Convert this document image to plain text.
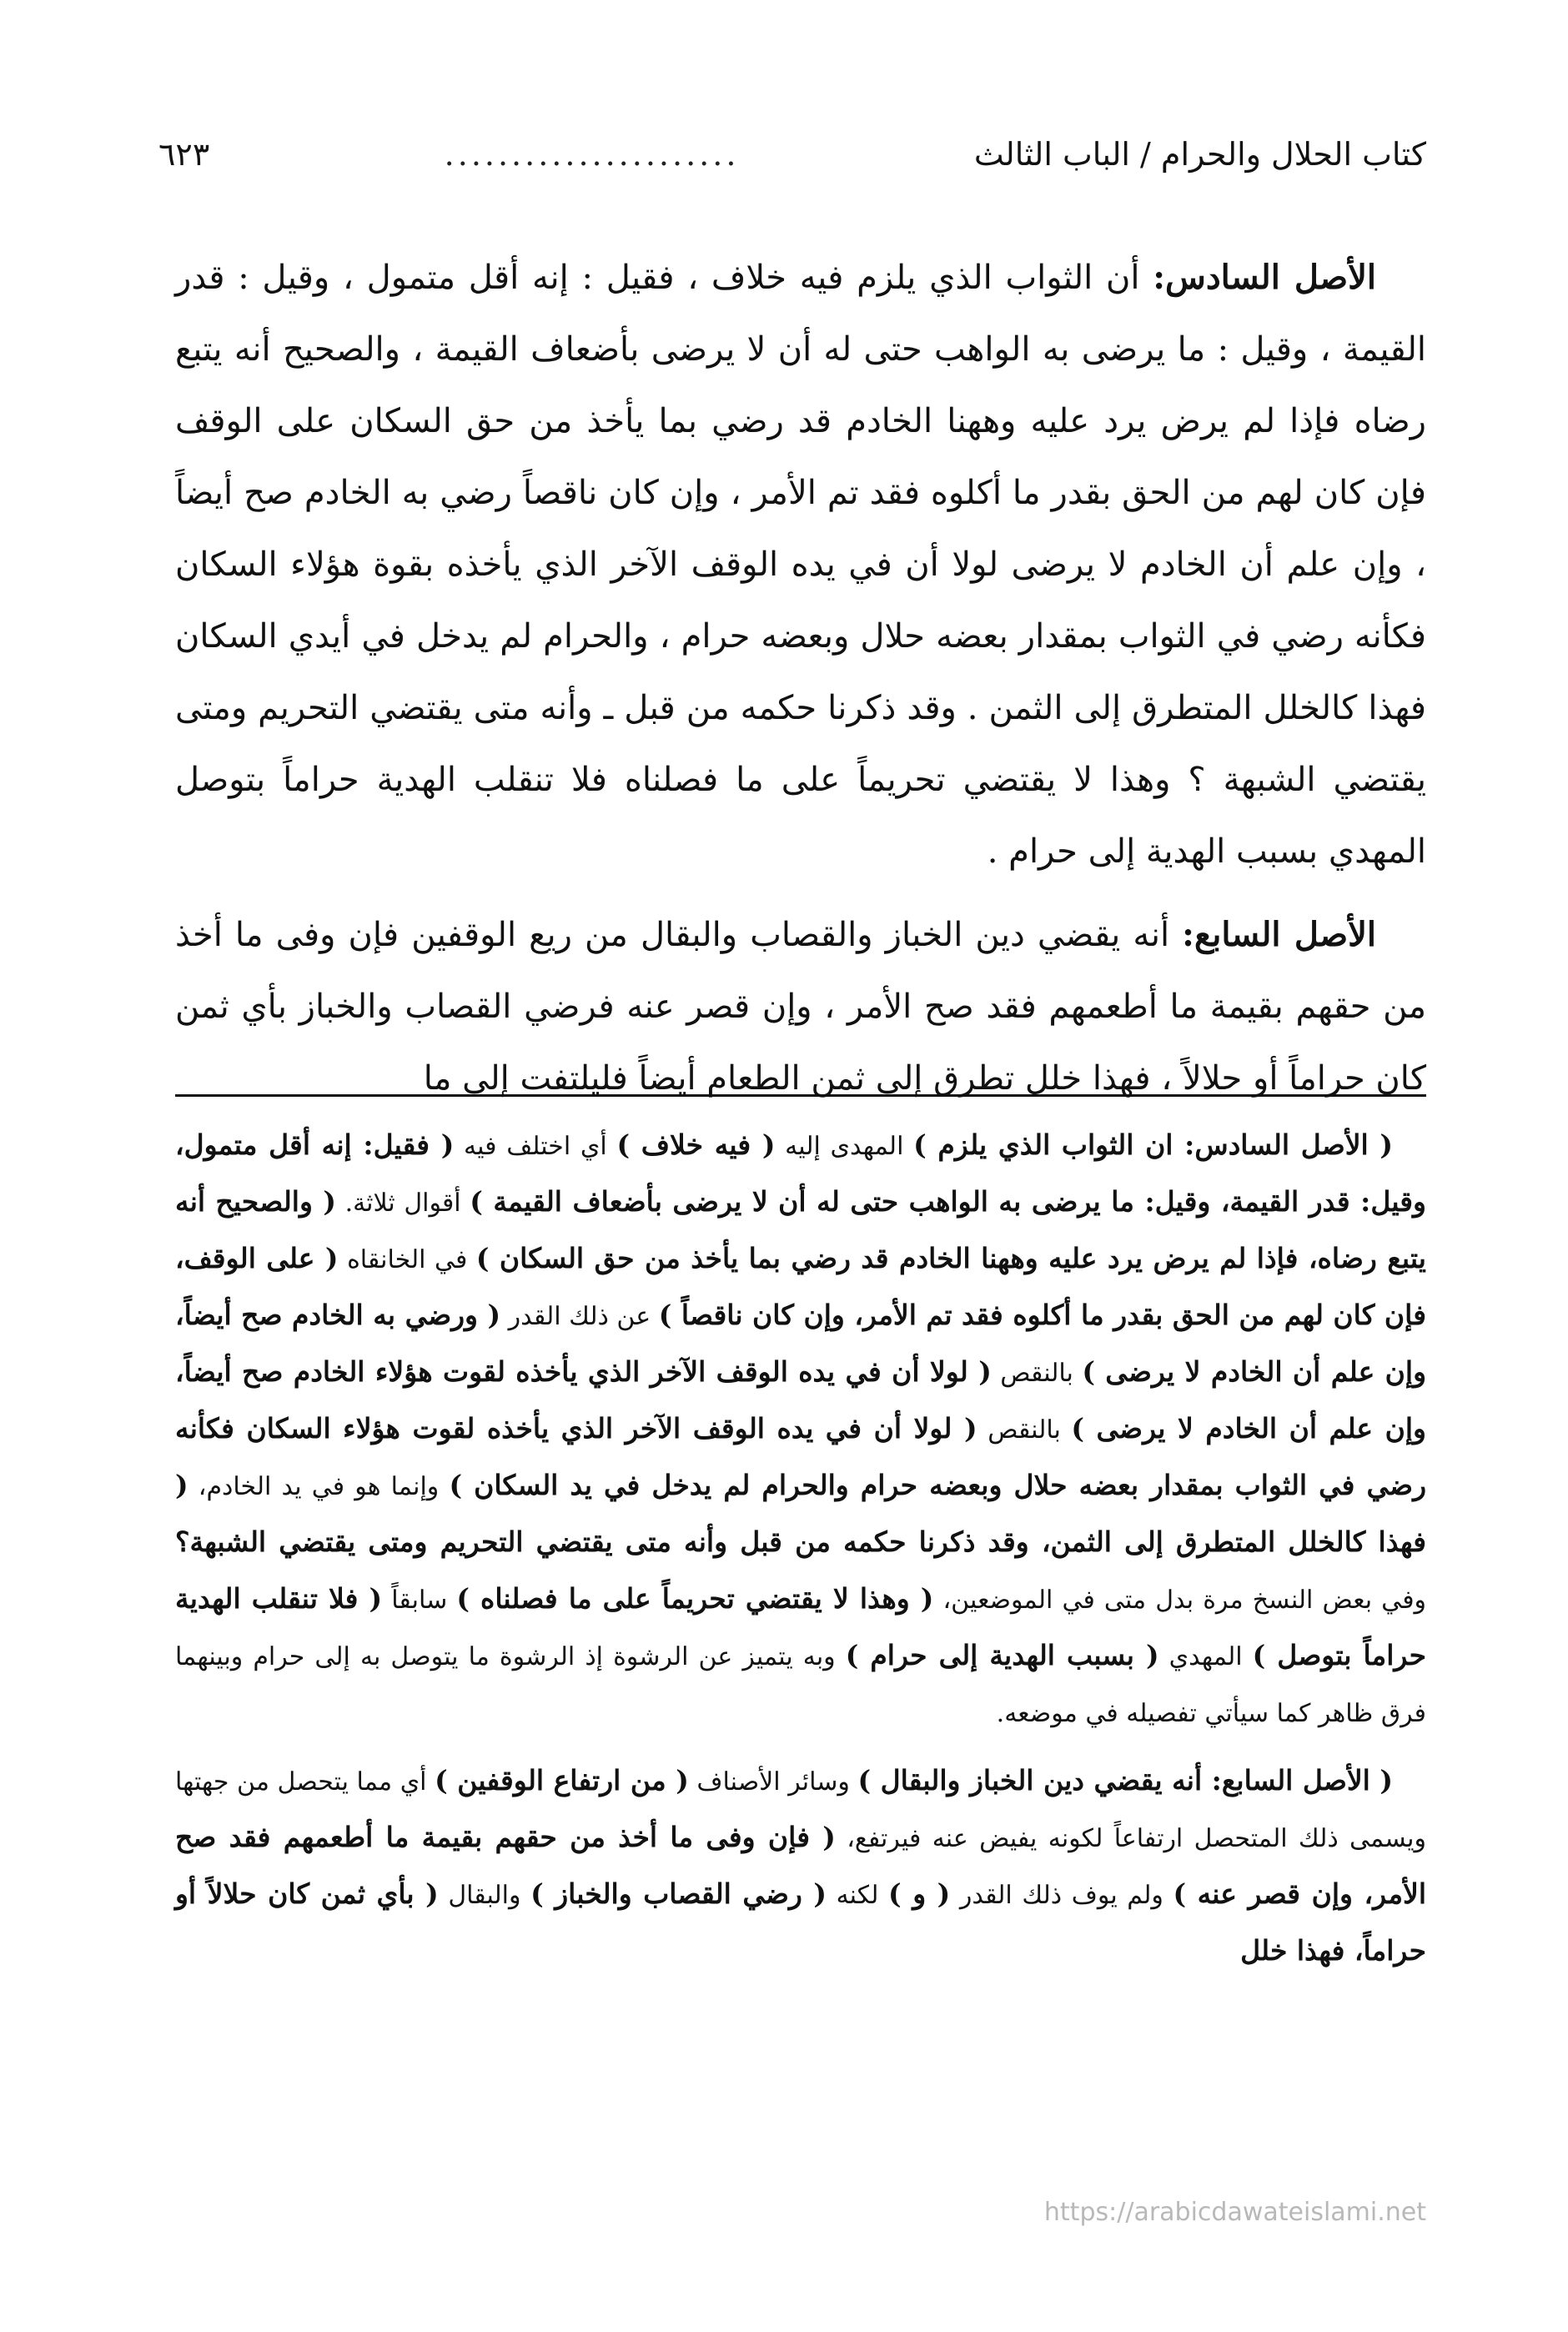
كتاب الحلال والحرام / الباب الثالث
......................
٦٢٣

الأصل السادس: أن الثواب الذي يلزم فيه خلاف ، فقيل : إنه أقل متمول ، وقيل : قدر القيمة ، وقيل : ما يرضى به الواهب حتى له أن لا يرضى بأضعاف القيمة ، والصحيح أنه يتبع رضاه فإذا لم يرض يرد عليه وههنا الخادم قد رضي بما يأخذ من حق السكان على الوقف فإن كان لهم من الحق بقدر ما أكلوه فقد تم الأمر ، وإن كان ناقصاً رضي به الخادم صح أيضاً ، وإن علم أن الخادم لا يرضى لولا أن في يده الوقف الآخر الذي يأخذه بقوة هؤلاء السكان فكأنه رضي في الثواب بمقدار بعضه حلال وبعضه حرام ، والحرام لم يدخل في أيدي السكان فهذا كالخلل المتطرق إلى الثمن . وقد ذكرنا حكمه من قبل ـ وأنه متى يقتضي التحريم ومتى يقتضي الشبهة ؟ وهذا لا يقتضي تحريماً على ما فصلناه فلا تنقلب الهدية حراماً بتوصل المهدي بسبب الهدية إلى حرام .

الأصل السابع: أنه يقضي دين الخباز والقصاب والبقال من ريع الوقفين فإن وفى ما أخذ من حقهم بقيمة ما أطعمهم فقد صح الأمر ، وإن قصر عنه فرضي القصاب والخباز بأي ثمن كان حراماً أو حلالاً ، فهذا خلل تطرق إلى ثمن الطعام أيضاً فليلتفت إلى ما

( الأصل السادس: ان الثواب الذي يلزم ) المهدى إليه ( فيه خلاف ) أي اختلف فيه ( فقيل: إنه أقل متمول، وقيل: قدر القيمة، وقيل: ما يرضى به الواهب حتى له أن لا يرضى بأضعاف القيمة ) أقوال ثلاثة. ( والصحيح أنه يتبع رضاه، فإذا لم يرض يرد عليه وههنا الخادم قد رضي بما يأخذ من حق السكان ) في الخانقاه ( على الوقف، فإن كان لهم من الحق بقدر ما أكلوه فقد تم الأمر، وإن كان ناقصاً ) عن ذلك القدر ( ورضي به الخادم صح أيضاً، وإن علم أن الخادم لا يرضى ) بالنقص ( لولا أن في يده الوقف الآخر الذي يأخذه لقوت هؤلاء الخادم صح أيضاً، وإن علم أن الخادم لا يرضى ) بالنقص ( لولا أن في يده الوقف الآخر الذي يأخذه لقوت هؤلاء السكان فكأنه رضي في الثواب بمقدار بعضه حلال وبعضه حرام والحرام لم يدخل في يد السكان ) وإنما هو في يد الخادم، ( فهذا كالخلل المتطرق إلى الثمن، وقد ذكرنا حكمه من قبل وأنه متى يقتضي التحريم ومتى يقتضي الشبهة؟ وفي بعض النسخ مرة بدل متى في الموضعين، ( وهذا لا يقتضي تحريماً على ما فصلناه ) سابقاً ( فلا تنقلب الهدية حراماً بتوصل ) المهدي ( بسبب الهدية إلى حرام ) وبه يتميز عن الرشوة إذ الرشوة ما يتوصل به إلى حرام وبينهما فرق ظاهر كما سيأتي تفصيله في موضعه.

( الأصل السابع: أنه يقضي دين الخباز والبقال ) وسائر الأصناف ( من ارتفاع الوقفين ) أي مما يتحصل من جهتها ويسمى ذلك المتحصل ارتفاعاً لكونه يفيض عنه فيرتفع، ( فإن وفى ما أخذ من حقهم بقيمة ما أطعمهم فقد صح الأمر، وإن قصر عنه ) ولم يوف ذلك القدر ( و ) لكنه ( رضي القصاب والخباز ) والبقال ( بأي ثمن كان حلالاً أو حراماً، فهذا خلل

https://arabicdawateislami.net
